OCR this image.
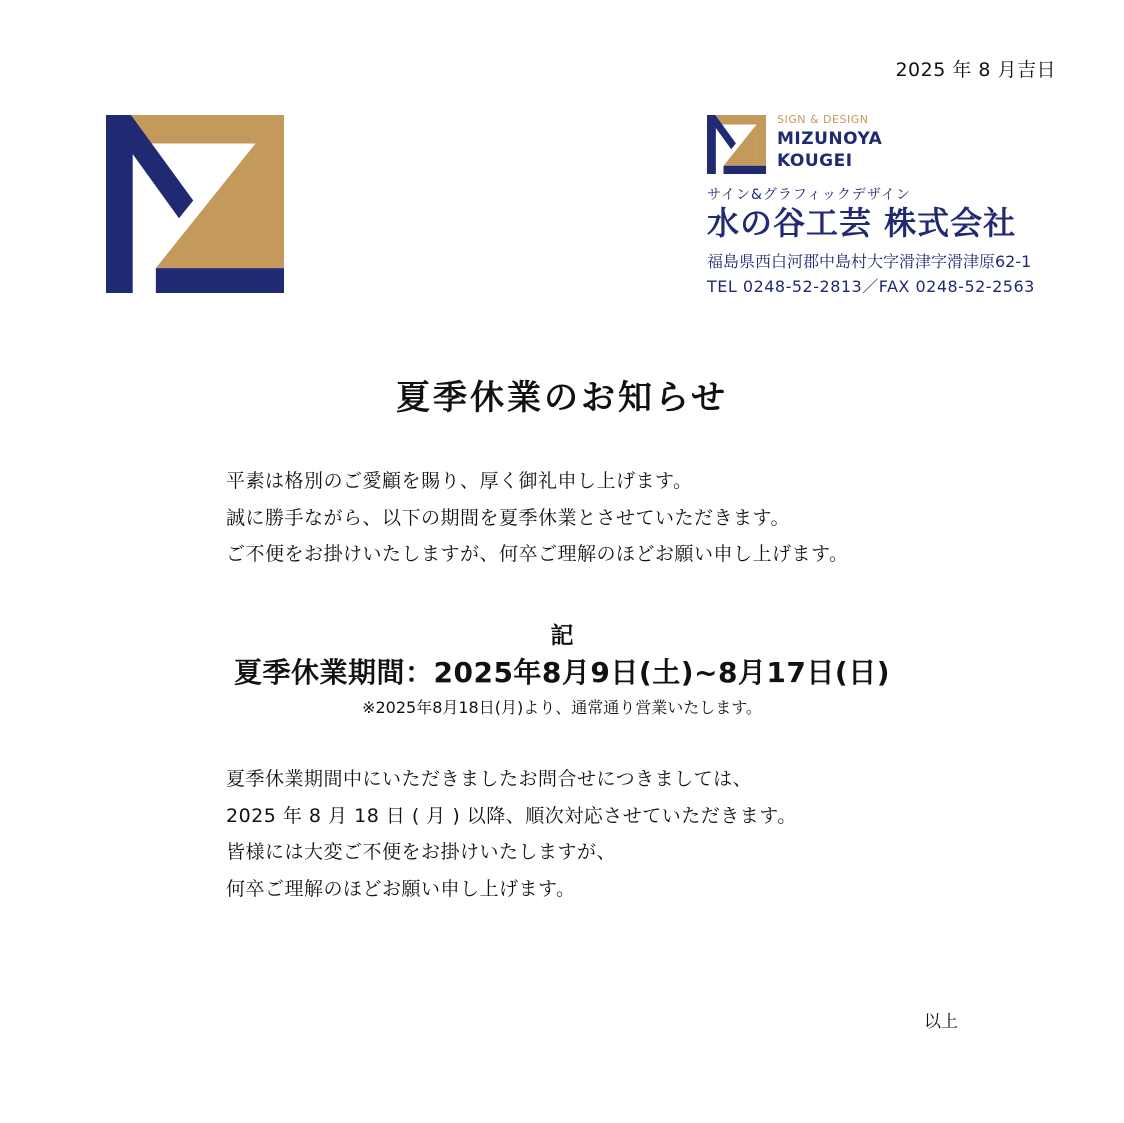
2025 年 8 月吉日
SIGN & DESIGN
MIZUNOYA
KOUGEI
サイン&グラフィックデザイン
水の谷工芸 株式会社
福島県西白河郡中島村大字滑津字滑津原62-1
TEL 0248-52-2813／FAX 0248-52-2563
夏季休業のお知らせ
平素は格別のご愛顧を賜り、厚く御礼申し上げます。
誠に勝手ながら、以下の期間を夏季休業とさせていただきます。
ご不便をお掛けいたしますが、何卒ご理解のほどお願い申し上げます。
記
夏季休業期間：2025年8月9日(土)~8月17日(日)
※2025年8月18日(月)より、通常通り営業いたします。
夏季休業期間中にいただきましたお問合せにつきましては、
2025 年 8 月 18 日 ( 月 ) 以降、順次対応させていただきます。
皆様には大変ご不便をお掛けいたしますが、
何卒ご理解のほどお願い申し上げます。
以上
